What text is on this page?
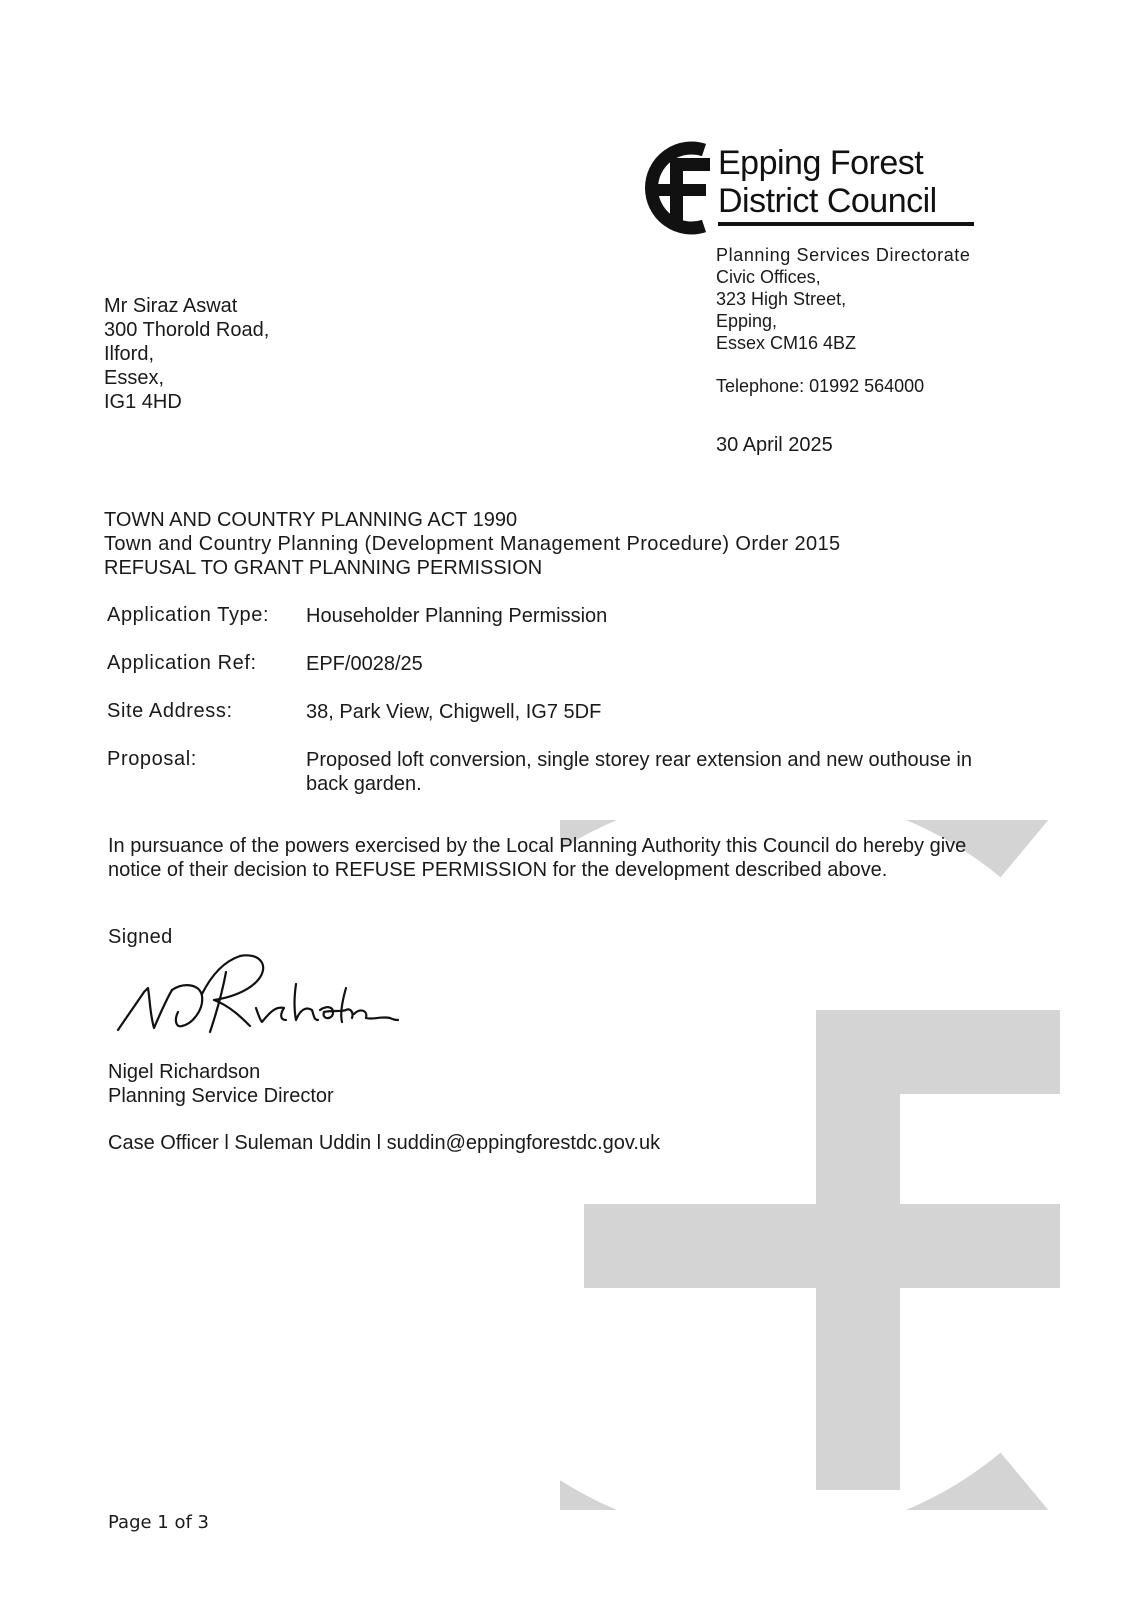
Epping Forest
District Council
Planning Services Directorate
Civic Offices,
323 High Street,
Epping,
Essex CM16 4BZ
Telephone: 01992 564000
30 April 2025
Mr Siraz Aswat
300 Thorold Road,
Ilford,
Essex,
IG1 4HD
TOWN AND COUNTRY PLANNING ACT 1990
Town and Country Planning (Development Management Procedure) Order 2015
REFUSAL TO GRANT PLANNING PERMISSION
Application Type: Householder Planning Permission
Application Ref: EPF/0028/25
Site Address:	38, Park View, Chigwell, IG7 5DF
Proposal:	Proposed loft conversion, single storey rear extension and new outhouse in
back garden.
In pursuance of the powers exercised by the Local Planning Authority this Council do hereby give
notice of their decision to REFUSE PERMISSION for the development described above.
Signed
Nigel Richardson
Planning Service Director
Case Officer l Suleman Uddin l suddin@eppingforestdc.gov.uk
Page 1 of 3
